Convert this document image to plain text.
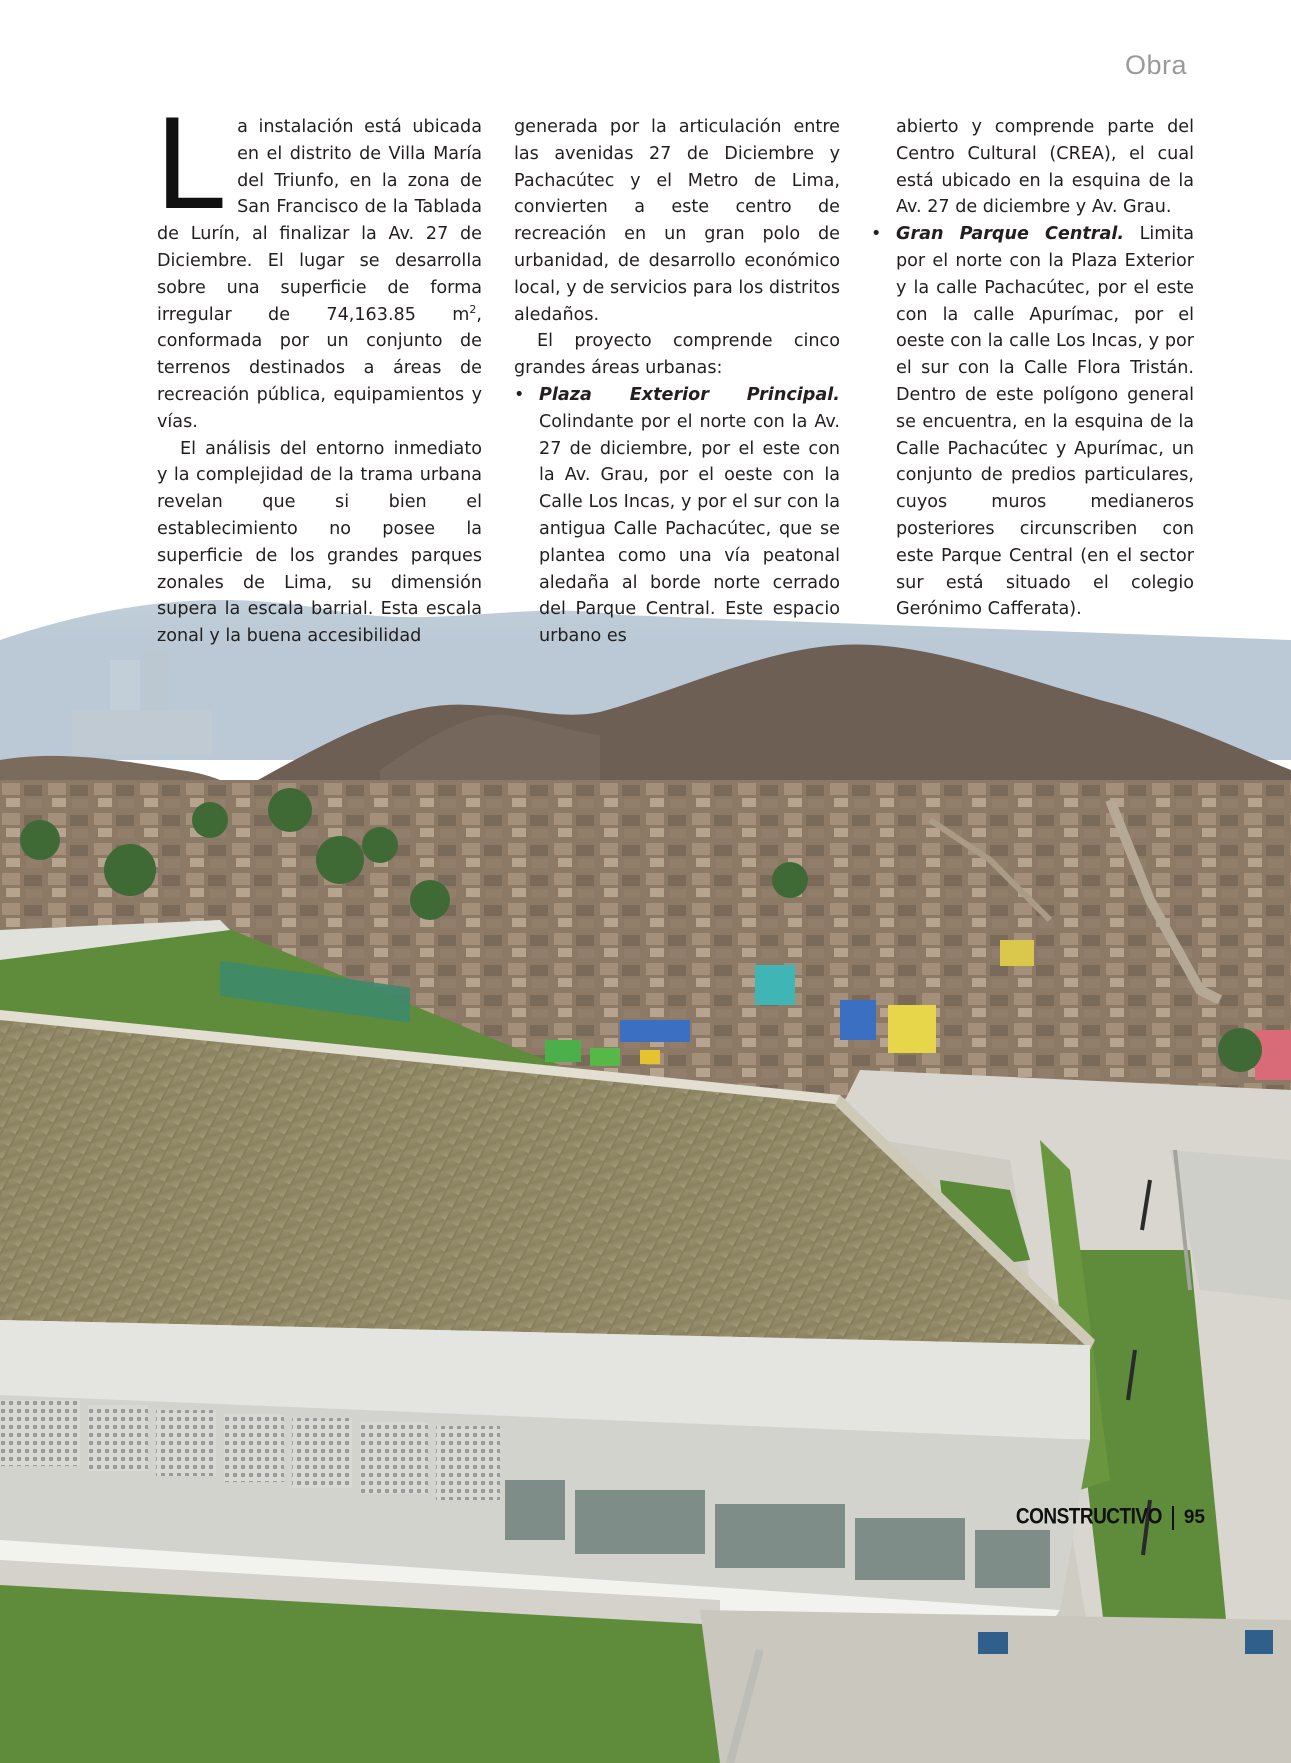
Obra

La instalación está ubicada en el distrito de Villa María del Triunfo, en la zona de San Francisco de la Tablada de Lurín, al finalizar la Av. 27 de Diciembre. El lugar se desarrolla sobre una superficie de forma irregular de 74,163.85 $m^2$, conformada por un conjunto de terrenos destinados a áreas de recreación pública, equipamientos y vías.

El análisis del entorno inmediato y la complejidad de la trama urbana revelan que si bien el establecimiento no posee la superficie de los grandes parques zonales de Lima, su dimensión supera la escala barrial. Esta escala zonal y la buena accesibilidad

generada por la articulación entre las avenidas 27 de Diciembre y Pachacútec y el Metro de Lima, convierten a este centro de recreación en un gran polo de urbanidad, de desarrollo económico local, y de servicios para los distritos aledaños.

El proyecto comprende cinco grandes áreas urbanas:

• Plaza Exterior Principal. Colindante por el norte con la Av. 27 de diciembre, por el este con la Av. Grau, por el oeste con la Calle Los Incas, y por el sur con la antigua Calle Pachacútec, que se plantea como una vía peatonal aledaña al borde norte cerrado del Parque Central. Este espacio urbano es

abierto y comprende parte del Centro Cultural (CREA), el cual está ubicado en la esquina de la Av. 27 de diciembre y Av. Grau.

• Gran Parque Central. Limita por el norte con la Plaza Exterior y la calle Pachacútec, por el este con la calle Apurímac, por el oeste con la calle Los Incas, y por el sur con la Calle Flora Tristán. Dentro de este polígono general se encuentra, en la esquina de la Calle Pachacútec y Apurímac, un conjunto de predios particulares, cuyos muros medianeros posteriores circunscriben con este Parque Central (en el sector sur está situado el colegio Gerónimo Cafferata).

CONSTRUCTIVO 95
